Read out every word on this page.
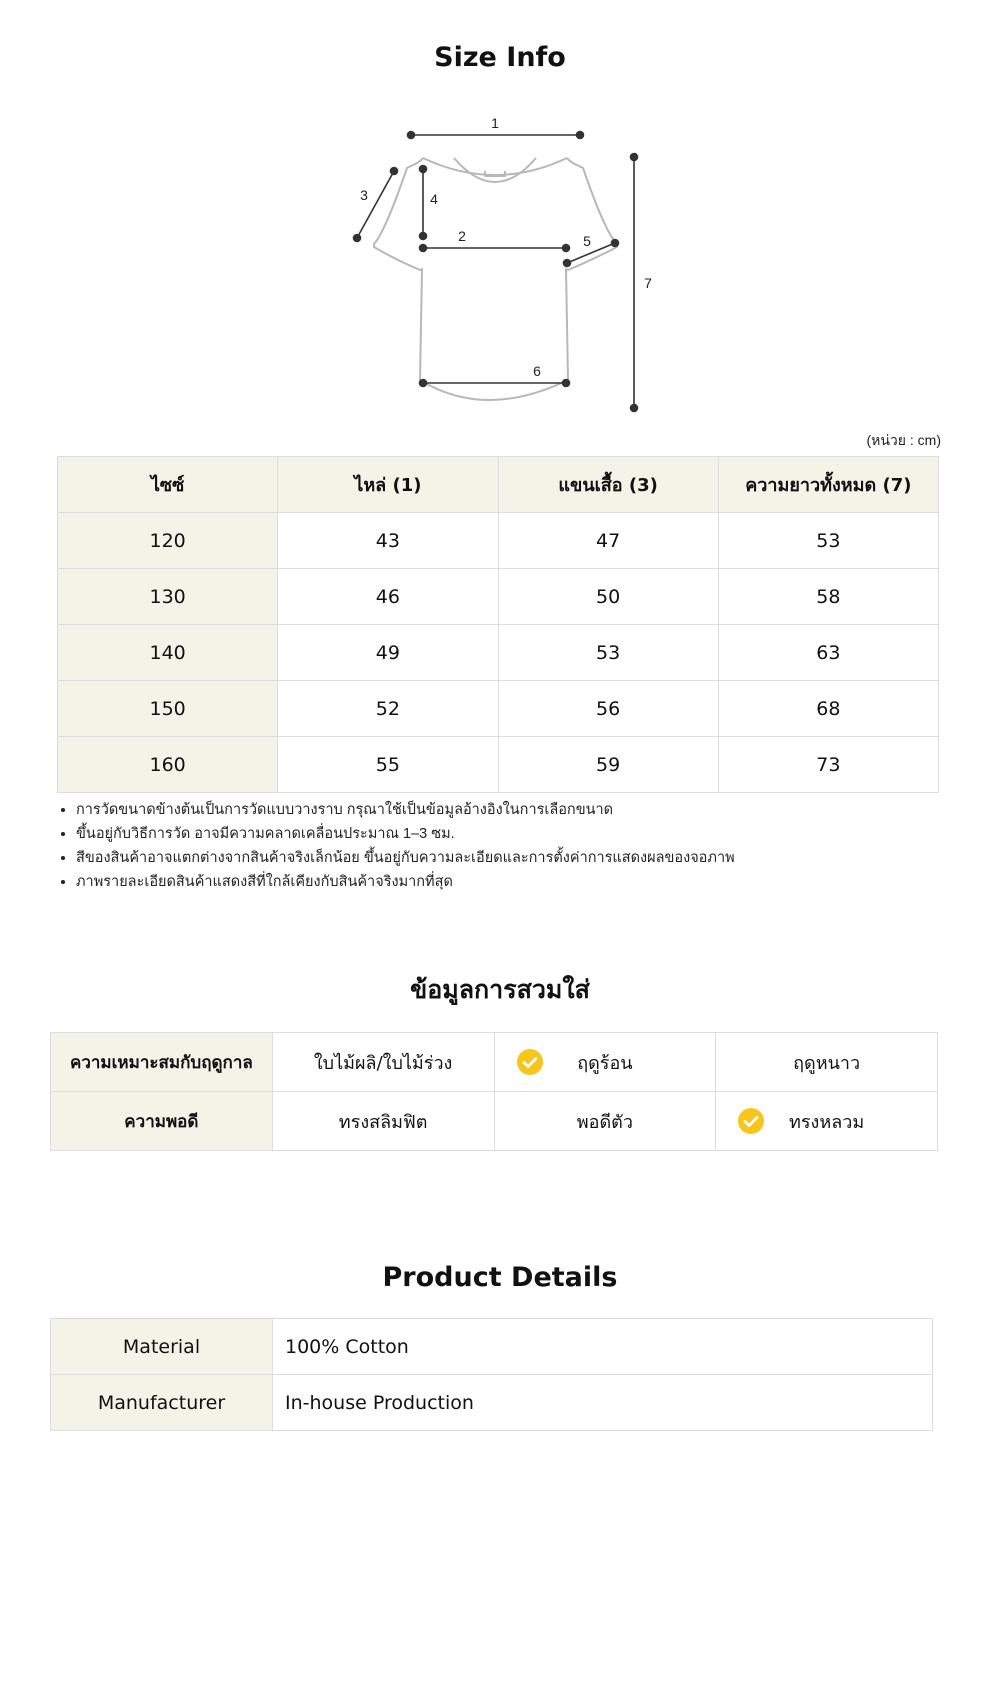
Size Info
1
2
3	4
5
6
7
(หน่วย : cm)
ไซซ์	ไหล่ (1)	แขนเสื้อ (3)	ความยาวทั้งหมด (7)
120	43	47	53
130	46	50	58
140	49	53	63
150	52	56	68
160	55	59	73
• การวัดขนาดข้างต้นเป็นการวัดแบบวางราบ กรุณาใช้เป็นข้อมูลอ้างอิงในการเลือกขนาด
• ขึ้นอยู่กับวิธีการวัด อาจมีความคลาดเคลื่อนประมาณ 1–3 ซม.
• สีของสินค้าอาจแตกต่างจากสินค้าจริงเล็กน้อย ขึ้นอยู่กับความละเอียดและการตั้งค่าการแสดงผลของจอภาพ
• ภาพรายละเอียดสินค้าแสดงสีที่ใกล้เคียงกับสินค้าจริงมากที่สุด
ข้อมูลการสวมใส่
ความเหมาะสมกับฤดูกาล	ใบไม้ผลิ/ใบไม้ร่วง	ฤดูร้อน	ฤดูหนาว
ความพอดี	ทรงสลิมฟิต	พอดีตัว	ทรงหลวม
Product Details
Material	100% Cotton
Manufacturer	In-house Production
